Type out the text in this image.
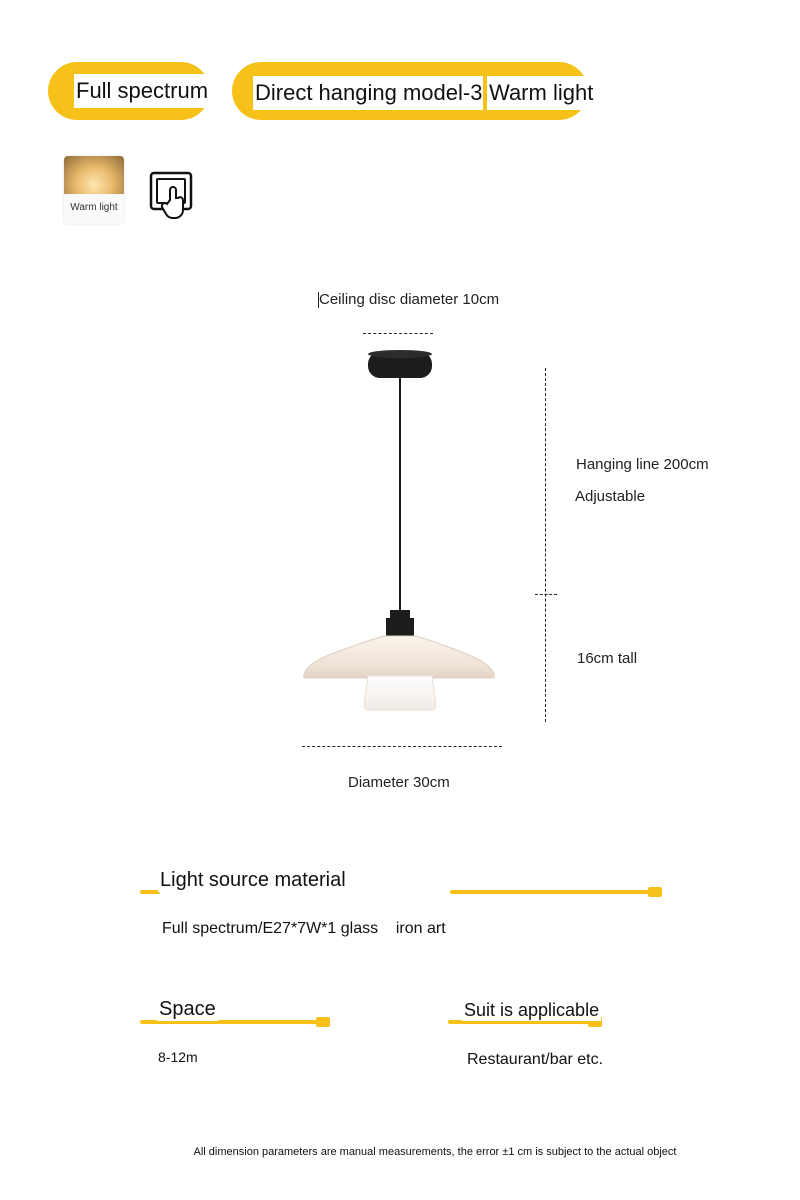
Full spectrum Direct hanging model-3 Warm light
Warm light
Ceiling disc diameter 10cm
Hanging line 200cm
Adjustable
16cm tall
Diameter 30cm
Light source material
Full spectrum/E27*7W*1 glass    iron art
Space
8-12m
Suit is applicable
Restaurant/bar etc.
All dimension parameters are manual measurements, the error ±1 cm is subject to the actual object
